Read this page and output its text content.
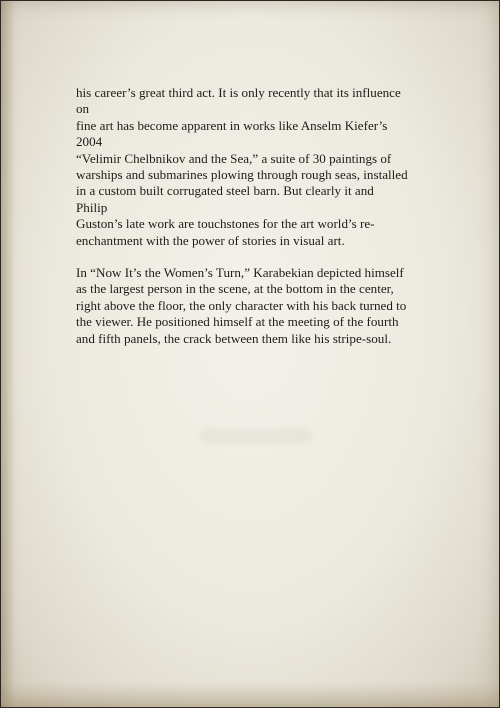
his career’s great third act. It is only recently that its influence on
fine art has become apparent in works like Anselm Kiefer’s 2004
“Velimir Chelbnikov and the Sea,” a suite of 30 paintings of
warships and submarines plowing through rough seas, installed
in a custom built corrugated steel barn. But clearly it and Philip
Guston’s late work are touchstones for the art world’s re-
enchantment with the power of stories in visual art.

In “Now It’s the Women’s Turn,” Karabekian depicted himself
as the largest person in the scene, at the bottom in the center,
right above the floor, the only character with his back turned to
the viewer. He positioned himself at the meeting of the fourth
and fifth panels, the crack between them like his stripe-soul.
